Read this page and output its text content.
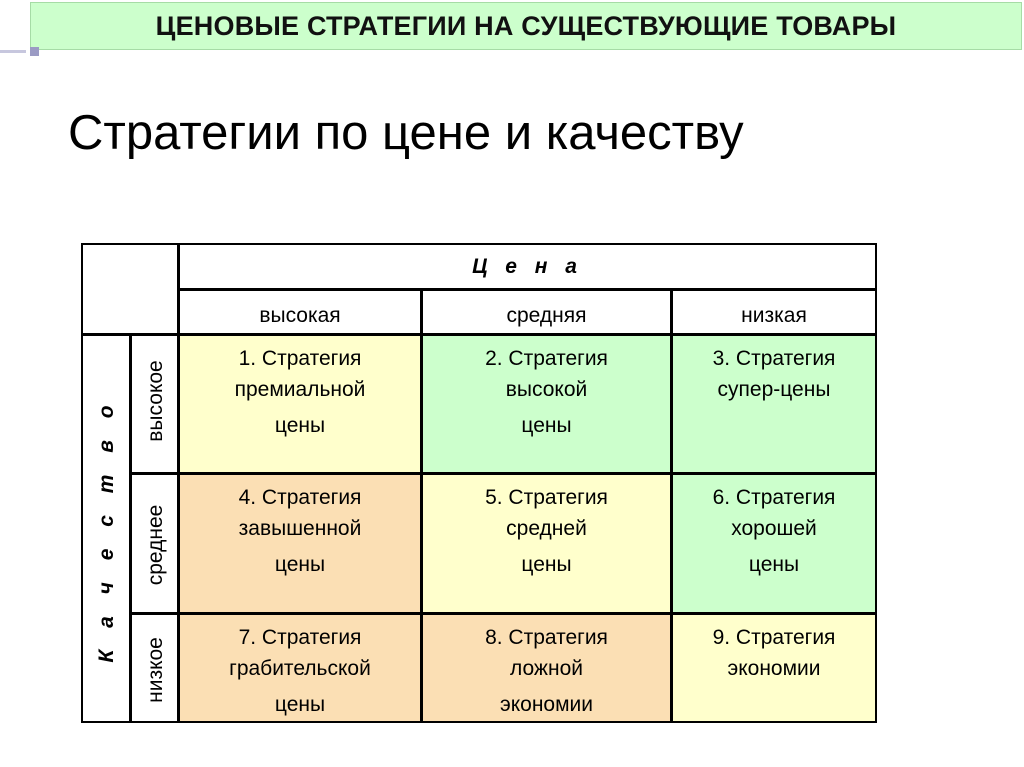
ЦЕНОВЫЕ СТРАТЕГИИ НА СУЩЕСТВУЮЩИЕ ТОВАРЫ
Стратегии по цене и качеству
Ц е н а
высокая	средняя	низкая
К а ч е с т в о высокое
среднее
низкое
1. Стратегия
премиальной
цены
2. Стратегия
высокой
цены
3. Стратегия
супер-цены
4. Стратегия
завышенной
цены
5. Стратегия
средней
цены
6. Стратегия
хорошей
цены
7. Стратегия
грабительской
цены
8. Стратегия
ложной
экономии
9. Стратегия
экономии
